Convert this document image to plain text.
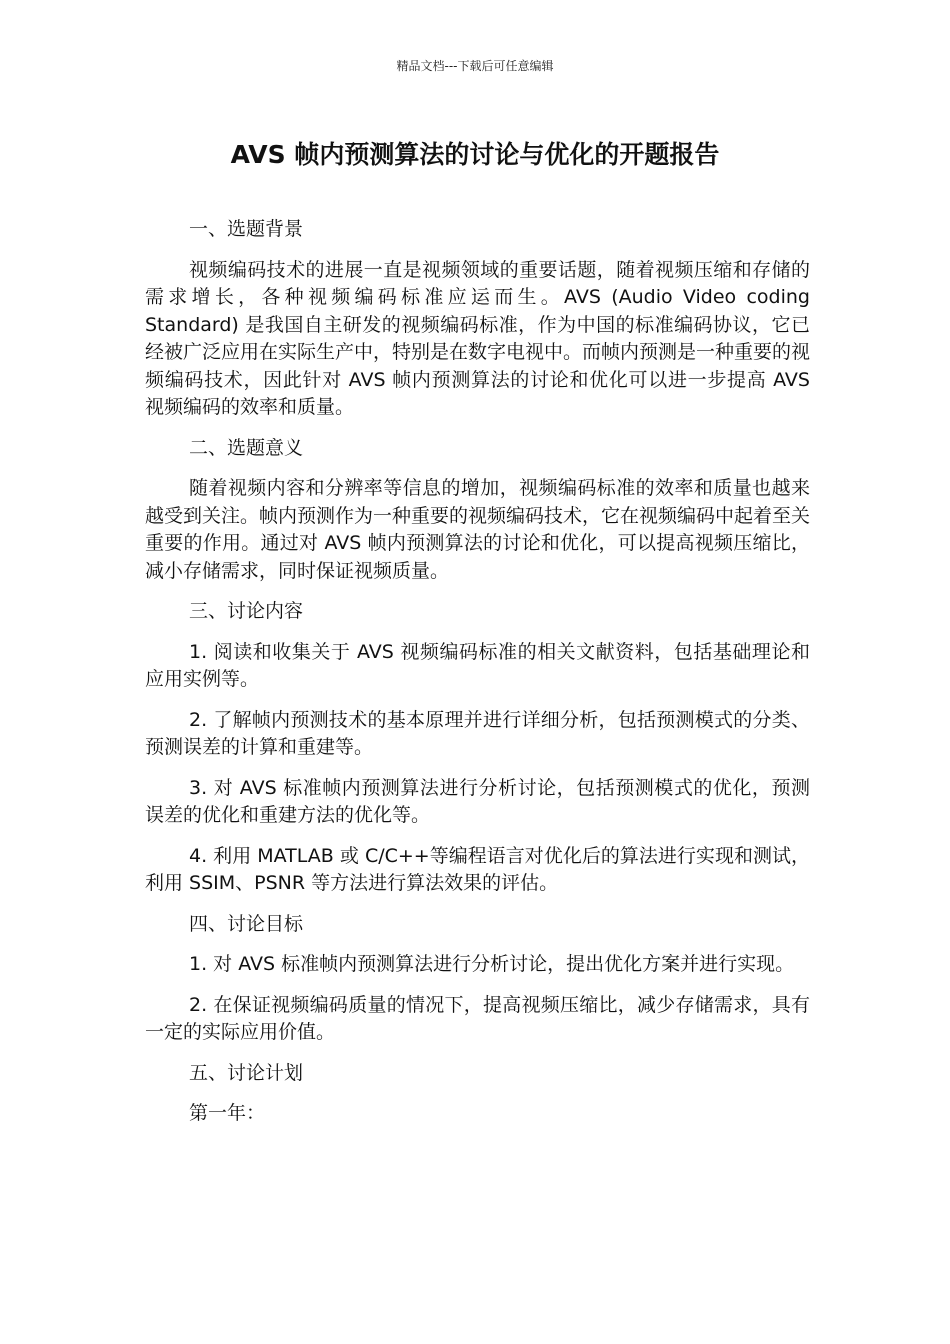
精品文档---下载后可任意编辑
AVS 帧内预测算法的讨论与优化的开题报告

一、选题背景

视频编码技术的进展一直是视频领域的重要话题，随着视频压缩和存储的需求增长，各种视频编码标准应运而生。AVS (Audio Video coding Standard) 是我国自主研发的视频编码标准，作为中国的标准编码协议，它已经被广泛应用在实际生产中，特别是在数字电视中。而帧内预测是一种重要的视频编码技术，因此针对 AVS 帧内预测算法的讨论和优化可以进一步提高 AVS 视频编码的效率和质量。

二、选题意义

随着视频内容和分辨率等信息的增加，视频编码标准的效率和质量也越来越受到关注。帧内预测作为一种重要的视频编码技术，它在视频编码中起着至关重要的作用。通过对 AVS 帧内预测算法的讨论和优化，可以提高视频压缩比，减小存储需求，同时保证视频质量。

三、讨论内容

1. 阅读和收集关于 AVS 视频编码标准的相关文献资料，包括基础理论和应用实例等。

2. 了解帧内预测技术的基本原理并进行详细分析，包括预测模式的分类、预测误差的计算和重建等。

3. 对 AVS 标准帧内预测算法进行分析讨论，包括预测模式的优化，预测误差的优化和重建方法的优化等。

4. 利用 MATLAB 或 C/C++等编程语言对优化后的算法进行实现和测试，利用 SSIM、PSNR 等方法进行算法效果的评估。

四、讨论目标

1. 对 AVS 标准帧内预测算法进行分析讨论，提出优化方案并进行实现。

2. 在保证视频编码质量的情况下，提高视频压缩比，减少存储需求，具有一定的实际应用价值。

五、讨论计划

第一年：
